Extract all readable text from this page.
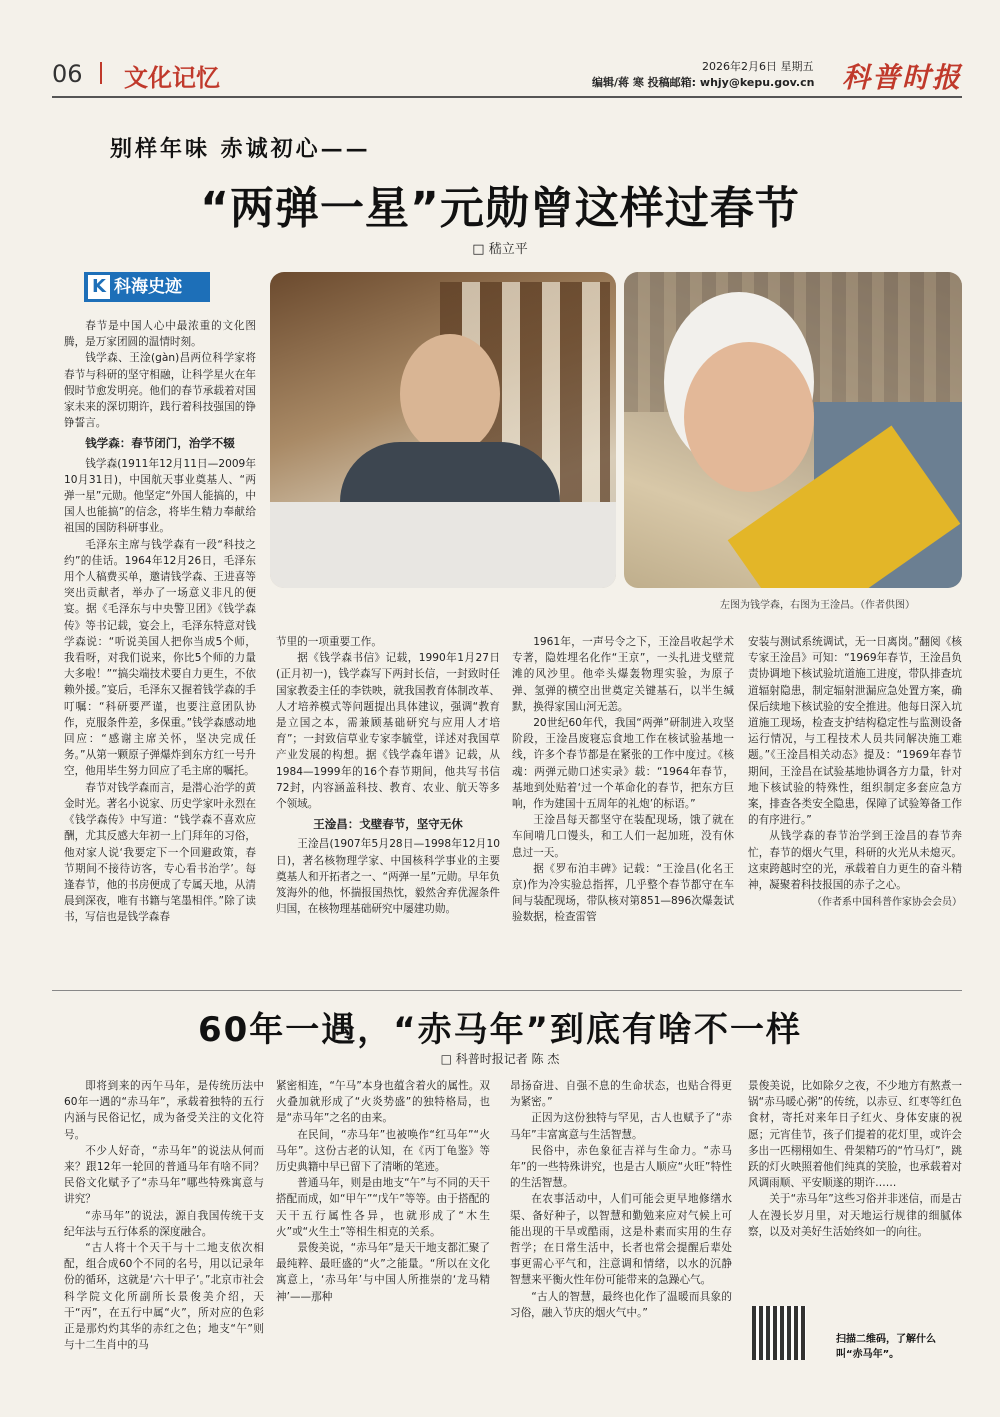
06 文化记忆	2026年2月6日 星期五
编辑/蒋 寒 投稿邮箱: whjy@kepu.gov.cn 科普时报
别样年味 赤诚初心——
“两弹一星”元勋曾这样过春节
□ 嵇立平
K 科海史迹
左图为钱学森，右图为王淦昌。（作者供图）

春节是中国人心中最浓重的文化图腾，是万家团圆的温情时刻。

钱学森、王淦(gàn)昌两位科学家将春节与科研的坚守相融，让科学星火在年假时节愈发明亮。他们的春节承载着对国家未来的深切期许，践行着科技强国的铮铮誓言。

钱学森：春节闭门，治学不辍

钱学森(1911年12月11日—2009年10月31日)，中国航天事业奠基人、“两弹一星”元勋。他坚定“外国人能搞的，中国人也能搞”的信念，将毕生精力奉献给祖国的国防科研事业。

毛泽东主席与钱学森有一段“科技之约”的佳话。1964年12月26日，毛泽东用个人稿费买单，邀请钱学森、王进喜等突出贡献者，举办了一场意义非凡的便宴。据《毛泽东与中央警卫团》《钱学森传》等书记载，宴会上，毛泽东特意对钱学森说：“听说美国人把你当成5个师，我看呀，对我们说来，你比5个师的力量大多啦！”“搞尖端技术要自力更生，不依赖外援。”宴后，毛泽东又握着钱学森的手叮嘱：“科研要严谨，也要注意团队协作，克服条件差，多保重。”钱学森感动地回应：“感谢主席关怀，坚决完成任务。”从第一颗原子弹爆炸到东方红一号升空，他用毕生努力回应了毛主席的嘱托。

春节对钱学森而言，是潜心治学的黄金时光。著名小说家、历史学家叶永烈在《钱学森传》中写道：“钱学森不喜欢应酬，尤其反感大年初一上门拜年的习俗，他对家人说‘我要定下一个回避政策，春节期间不接待访客，专心看书治学’。每逢春节，他的书房便成了专属天地，从清晨到深夜，唯有书籍与笔墨相伴。”除了读书，写信也是钱学森春

节里的一项重要工作。

据《钱学森书信》记载，1990年1月27日(正月初一)，钱学森写下两封长信，一封致时任国家教委主任的李铁映，就我国教育体制改革、人才培养模式等问题提出具体建议，强调“教育是立国之本，需兼顾基础研究与应用人才培育”；一封致信草业专家李毓堂，详述对我国草产业发展的构想。据《钱学森年谱》记载，从1984—1999年的16个春节期间，他共写书信72封，内容涵盖科技、教育、农业、航天等多个领域。

王淦昌：戈壁春节，坚守无休

王淦昌(1907年5月28日—1998年12月10日)，著名核物理学家、中国核科学事业的主要奠基人和开拓者之一、“两弹一星”元勋。早年负笈海外的他，怀揣报国热忱，毅然舍弃优渥条件归国，在核物理基础研究中屡建功勋。

1961年，一声号令之下，王淦昌收起学术专著，隐姓埋名化作“王京”，一头扎进戈壁荒滩的风沙里。他牵头爆轰物理实验，为原子弹、氢弹的横空出世奠定关键基石，以半生缄默，换得家国山河无恙。

20世纪60年代，我国“两弹”研制进入攻坚阶段，王淦昌废寝忘食地工作在核试验基地一线，许多个春节都是在紧张的工作中度过。《核魂：两弹元勋口述实录》载：“1964年春节，基地到处贴着‘过一个革命化的春节，把东方巨响，作为建国十五周年的礼炮’的标语。”

王淦昌每天都坚守在装配现场，饿了就在车间啃几口馒头，和工人们一起加班，没有休息过一天。

据《罗布泊丰碑》记载：“王淦昌(化名王京)作为冷实验总指挥，几乎整个春节都守在车间与装配现场，带队核对第851—896次爆轰试验数据，检查雷管

安装与测试系统调试，无一日离岗。”翻阅《核专家王淦昌》可知：“1969年春节，王淦昌负责协调地下核试验坑道施工进度，带队排查坑道辐射隐患，制定辐射泄漏应急处置方案，确保后续地下核试验的安全推进。他每日深入坑道施工现场，检查支护结构稳定性与监测设备运行情况，与工程技术人员共同解决施工难题。”《王淦昌相关动态》提及：“1969年春节期间，王淦昌在试验基地协调各方力量，针对地下核试验的特殊性，组织制定多套应急方案，排查各类安全隐患，保障了试验筹备工作的有序进行。”

从钱学森的春节治学到王淦昌的春节奔忙，春节的烟火气里，科研的火光从未熄灭。这束跨越时空的光，承载着自力更生的奋斗精神，凝聚着科技报国的赤子之心。

（作者系中国科普作家协会会员）
60年一遇，“赤马年”到底有啥不一样
□ 科普时报记者 陈 杰

即将到来的丙午马年，是传统历法中60年一遇的“赤马年”，承载着独特的五行内涵与民俗记忆，成为备受关注的文化符号。

不少人好奇，“赤马年”的说法从何而来？跟12年一轮回的普通马年有啥不同？民俗文化赋予了“赤马年”哪些特殊寓意与讲究？

“赤马年”的说法，源自我国传统干支纪年法与五行体系的深度融合。

“古人将十个天干与十二地支依次相配，组合成60个不同的名号，用以记录年份的循环，这就是‘六十甲子’。”北京市社会科学院文化所副所长景俊美介绍，天干“丙”，在五行中属“火”，所对应的色彩正是那灼灼其华的赤红之色；地支“午”则与十二生肖中的马

紧密相连，“午马”本身也蕴含着火的属性。双火叠加就形成了“火炎势盛”的独特格局，也是“赤马年”之名的由来。

在民间，“赤马年”也被唤作“红马年”“火马年”。这份古老的认知，在《丙丁龟鉴》等历史典籍中早已留下了清晰的笔迹。

普通马年，则是由地支“午”与不同的天干搭配而成，如“甲午”“戊午”等等。由于搭配的天干五行属性各异，也就形成了“木生火”或“火生土”等相生相克的关系。

景俊美说，“赤马年”是天干地支都汇聚了最纯粹、最旺盛的“火”之能量。“所以在文化寓意上，‘赤马年’与中国人所推崇的‘龙马精神’——那种

昂扬奋进、自强不息的生命状态，也贴合得更为紧密。”

正因为这份独特与罕见，古人也赋予了“赤马年”丰富寓意与生活智慧。

民俗中，赤色象征吉祥与生命力。“赤马年”的一些特殊讲究，也是古人顺应“火旺”特性的生活智慧。

在农事活动中，人们可能会更早地修缮水渠、备好种子，以智慧和勤勉来应对气候上可能出现的干旱或酷雨，这是朴素而实用的生存哲学；在日常生活中，长者也常会提醒后辈处事更需心平气和，注意调和情绪，以水的沉静智慧来平衡火性年份可能带来的急躁心气。

“古人的智慧，最终也化作了温暖而具象的习俗，融入节庆的烟火气中。”

景俊美说，比如除夕之夜，不少地方有熬煮一锅“赤马暖心粥”的传统，以赤豆、红枣等红色食材，寄托对来年日子红火、身体安康的祝愿；元宵佳节，孩子们提着的花灯里，或许会多出一匹栩栩如生、骨架精巧的“竹马灯”，跳跃的灯火映照着他们纯真的笑脸，也承载着对风调雨顺、平安顺遂的期许……

关于“赤马年”这些习俗并非迷信，而是古人在漫长岁月里，对天地运行规律的细腻体察，以及对美好生活始终如一的向往。

扫描二维码，了解什么叫“赤马年”。
